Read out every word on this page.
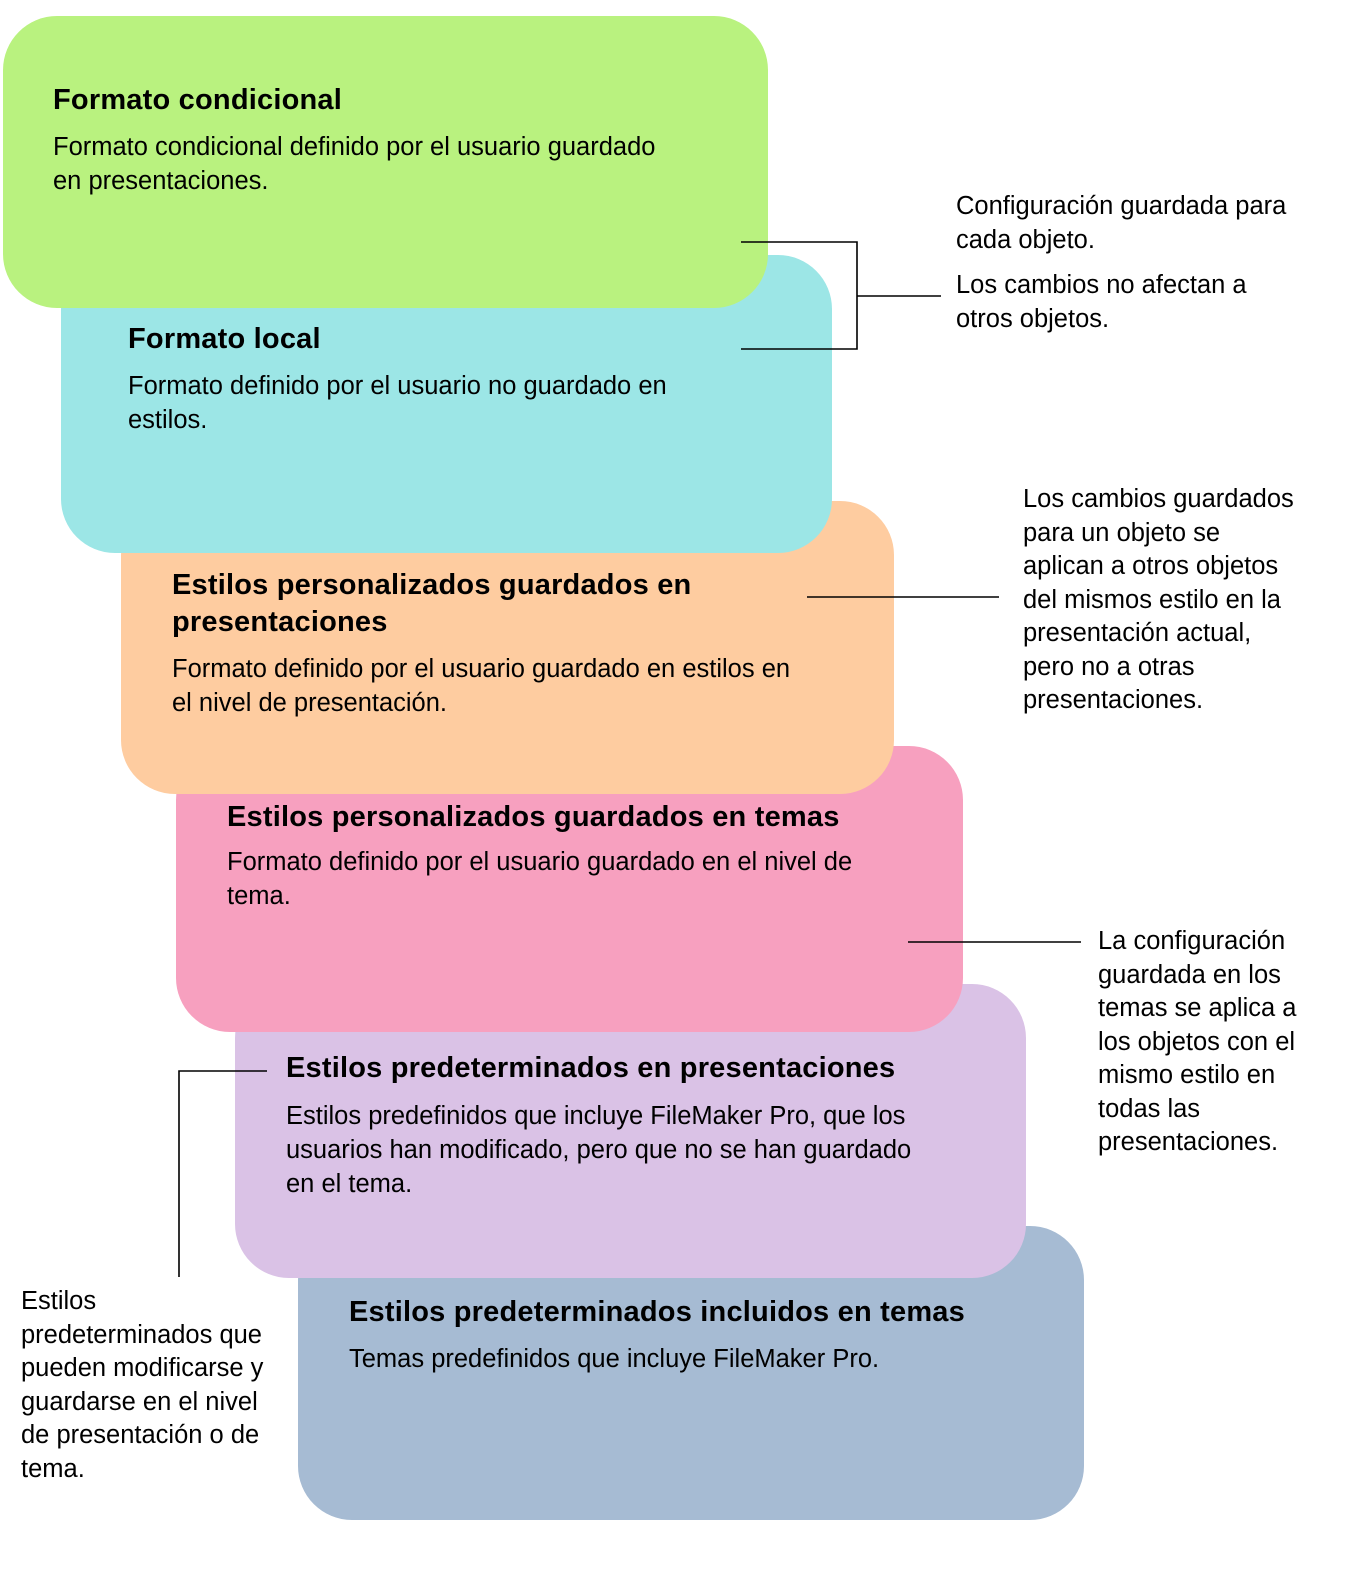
Estilos predeterminados incluidos en temas

Temas predefinidos que incluye FileMaker Pro.

Estilos predeterminados en presentaciones

Estilos predefinidos que incluye FileMaker Pro, que los
usuarios han modificado, pero que no se han guardado
en el tema.

Estilos personalizados guardados en temas

Formato definido por el usuario guardado en el nivel de
tema.

Estilos personalizados guardados en
presentaciones

Formato definido por el usuario guardado en estilos en
el nivel de presentación.

Formato local

Formato definido por el usuario no guardado en
estilos.

Formato condicional

Formato condicional definido por el usuario guardado
en presentaciones.

Configuración guardada para
cada objeto.

Los cambios no afectan a
otros objetos.

Los cambios guardados
para un objeto se
aplican a otros objetos
del mismos estilo en la
presentación actual,
pero no a otras
presentaciones.
La configuración
guardada en los
temas se aplica a
los objetos con el
mismo estilo en
todas las
presentaciones.
Estilos
predeterminados que
pueden modificarse y
guardarse en el nivel
de presentación o de
tema.
